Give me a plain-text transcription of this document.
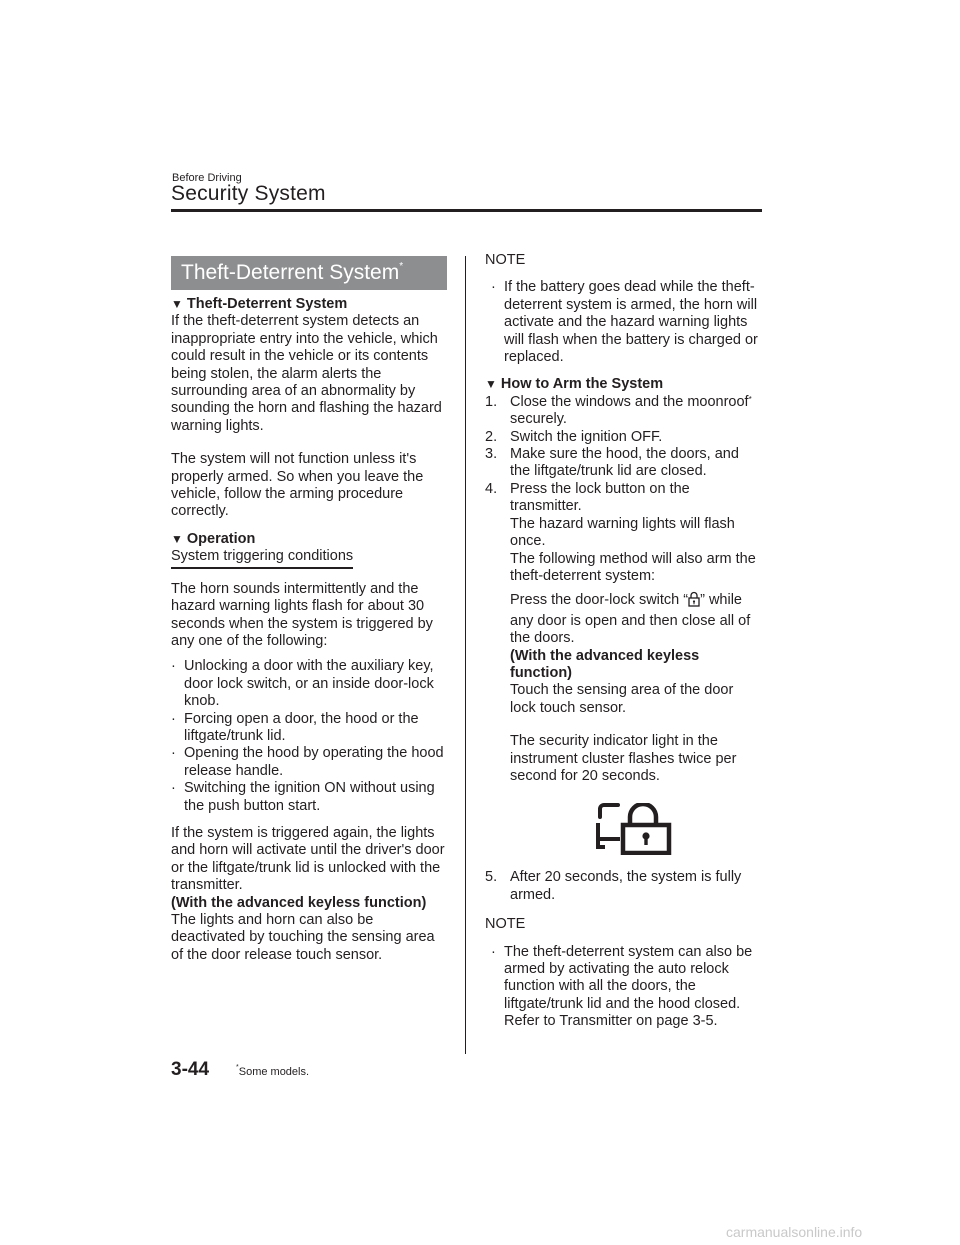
Before Driving
Security System
Theft-Deterrent System*

▼ Theft-Deterrent System

If the theft-deterrent system detects an inappropriate entry into the vehicle, which could result in the vehicle or its contents being stolen, the alarm alerts the surrounding area of an abnormality by sounding the horn and flashing the hazard warning lights.

The system will not function unless it's properly armed. So when you leave the vehicle, follow the arming procedure correctly.

▼ Operation

System triggering conditions

The horn sounds intermittently and the hazard warning lights flash for about 30 seconds when the system is triggered by any one of the following:

· Unlocking a door with the auxiliary key, door lock switch, or an inside door-lock knob.
· Forcing open a door, the hood or the liftgate/trunk lid.
· Opening the hood by operating the hood release handle.
· Switching the ignition ON without using the push button start.

If the system is triggered again, the lights and horn will activate until the driver's door or the liftgate/trunk lid is unlocked with the transmitter.

(With the advanced keyless function)

The lights and horn can also be deactivated by touching the sensing area of the door release touch sensor.

NOTE

· If the battery goes dead while the theft-deterrent system is armed, the horn will activate and the hazard warning lights will flash when the battery is charged or replaced.

▼ How to Arm the System

1. Close the windows and the moonroof* securely.
2. Switch the ignition OFF.
3. Make sure the hood, the doors, and the liftgate/trunk lid are closed.
4. Press the lock button on the transmitter.
The hazard warning lights will flash once.
The following method will also arm the theft-deterrent system:
Press the door-lock switch “ ” while any door is open and then close all of the doors.
(With the advanced keyless function)
Touch the sensing area of the door lock touch sensor.
The security indicator light in the instrument cluster flashes twice per second for 20 seconds.
5. After 20 seconds, the system is fully armed.

NOTE

· The theft-deterrent system can also be armed by activating the auto relock function with all the doors, the liftgate/trunk lid and the hood closed.
Refer to Transmitter on page 3-5.
3-44	*Some models.
carmanualsonline.info
